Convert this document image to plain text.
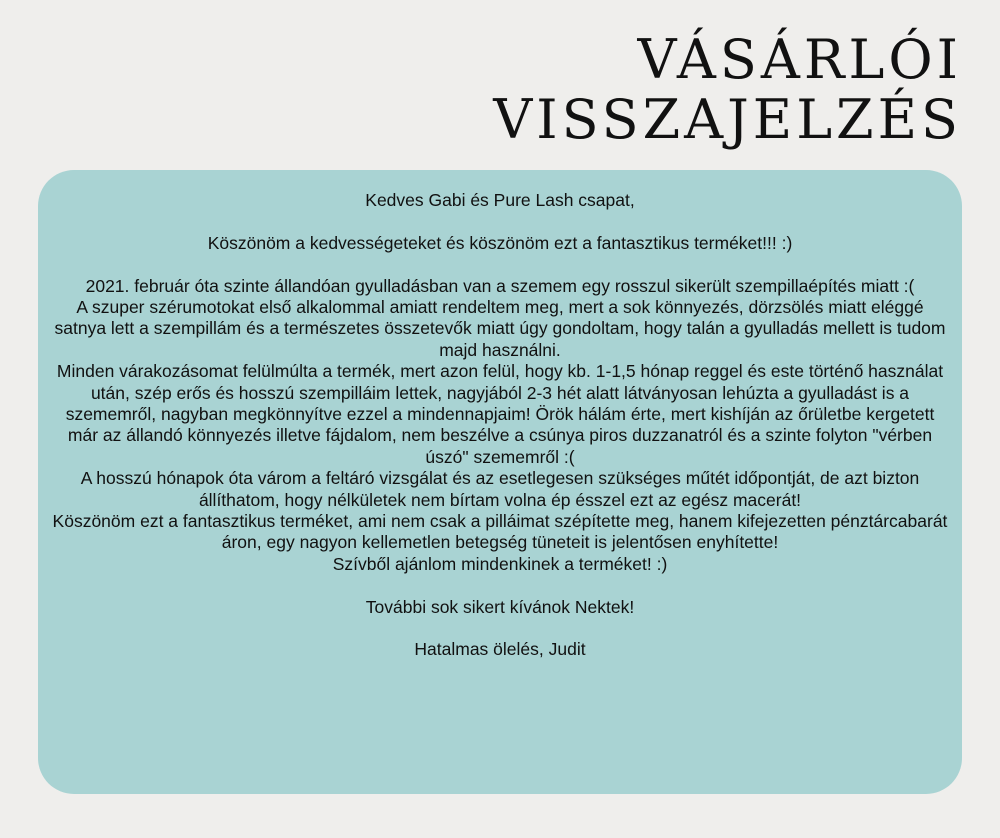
VÁSÁRLÓI
VISSZAJELZÉS

Kedves Gabi és Pure Lash csapat,

Köszönöm a kedvességeteket és köszönöm ezt a fantasztikus terméket!!! :)

2021. február óta szinte állandóan gyulladásban van a szemem egy rosszul sikerült szempillaépítés miatt :(

A szuper szérumotokat első alkalommal amiatt rendeltem meg, mert a sok könnyezés, dörzsölés miatt eléggé satnya lett a szempillám és a természetes összetevők miatt úgy gondoltam, hogy talán a gyulladás mellett is tudom majd használni.

Minden várakozásomat felülmúlta a termék, mert azon felül, hogy kb. 1-1,5 hónap reggel és este történő használat után, szép erős és hosszú szempilláim lettek, nagyjából 2-3 hét alatt látványosan lehúzta a gyulladást is a szememről, nagyban megkönnyítve ezzel a mindennapjaim! Örök hálám érte, mert kishíján az őrületbe kergetett már az állandó könnyezés illetve fájdalom, nem beszélve a csúnya piros duzzanatról és a szinte folyton "vérben úszó" szememről :(

A hosszú hónapok óta várom a feltáró vizsgálat és az esetlegesen szükséges műtét időpontját, de azt bizton állíthatom, hogy nélkületek nem bírtam volna ép ésszel ezt az egész macerát!

Köszönöm ezt a fantasztikus terméket, ami nem csak a pilláimat szépítette meg, hanem kifejezetten pénztárcabarát áron, egy nagyon kellemetlen betegség tüneteit is jelentősen enyhítette!

Szívből ajánlom mindenkinek a terméket! :)

További sok sikert kívánok Nektek!

Hatalmas ölelés, Judit
